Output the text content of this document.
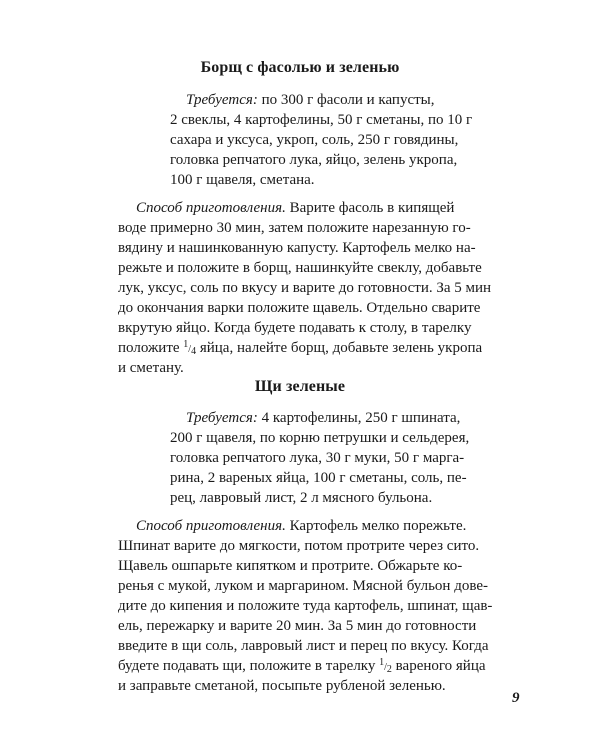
Борщ с фасолью и зеленью
Требуется: по 300 г фасоли и капусты,
2 свеклы, 4 картофелины, 50 г сметаны, по 10 г
сахара и уксуса, укроп, соль, 250 г говядины,
головка репчатого лука, яйцо, зелень укропа,
100 г щавеля, сметана.
Способ приготовления. Варите фасоль в кипящей
воде примерно 30 мин, затем положите нарезанную го-
вядину и нашинкованную капусту. Картофель мелко на-
режьте и положите в борщ, нашинкуйте свеклу, добавьте
лук, уксус, соль по вкусу и варите до готовности. За 5 мин
до окончания варки положите щавель. Отдельно сварите
вкрутую яйцо. Когда будете подавать к столу, в тарелку
положите 1/4 яйца, налейте борщ, добавьте зелень укропа
и сметану.
Щи зеленые
Требуется: 4 картофелины, 250 г шпината,
200 г щавеля, по корню петрушки и сельдерея,
головка репчатого лука, 30 г муки, 50 г марга-
рина, 2 вареных яйца, 100 г сметаны, соль, пе-
рец, лавровый лист, 2 л мясного бульона.
Способ приготовления. Картофель мелко порежьте.
Шпинат варите до мягкости, потом протрите через сито.
Щавель ошпарьте кипятком и протрите. Обжарьте ко-
ренья с мукой, луком и маргарином. Мясной бульон дове-
дите до кипения и положите туда картофель, шпинат, щав-
ель, пережарку и варите 20 мин. За 5 мин до готовности
введите в щи соль, лавровый лист и перец по вкусу. Когда
будете подавать щи, положите в тарелку 1/2 вареного яйца
и заправьте сметаной, посыпьте рубленой зеленью.
9
